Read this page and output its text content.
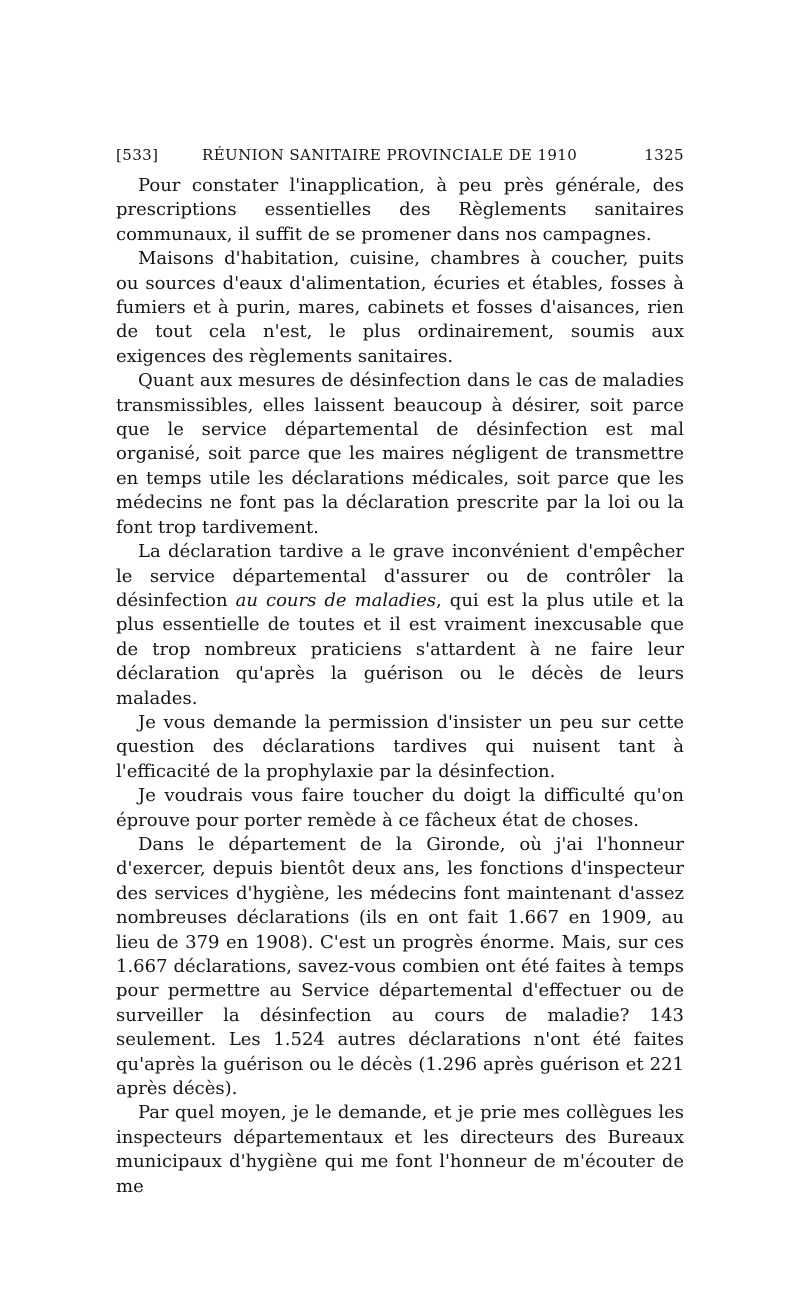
[533]	RÉUNION SANITAIRE PROVINCIALE DE 1910	1325

Pour constater l'inapplication, à peu près générale, des prescriptions essentielles des Règlements sanitaires communaux, il suffit de se promener dans nos campagnes.

Maisons d'habitation, cuisine, chambres à coucher, puits ou sources d'eaux d'alimentation, écuries et étables, fosses à fumiers et à purin, mares, cabinets et fosses d'aisances, rien de tout cela n'est, le plus ordinairement, soumis aux exigences des règlements sanitaires.

Quant aux mesures de désinfection dans le cas de maladies transmissibles, elles laissent beaucoup à désirer, soit parce que le service départemental de désinfection est mal organisé, soit parce que les maires négligent de transmettre en temps utile les déclarations médicales, soit parce que les médecins ne font pas la déclaration prescrite par la loi ou la font trop tardivement.

La déclaration tardive a le grave inconvénient d'empêcher le service départemental d'assurer ou de contrôler la désinfection au cours de maladies, qui est la plus utile et la plus essentielle de toutes et il est vraiment inexcusable que de trop nombreux praticiens s'attardent à ne faire leur déclaration qu'après la guérison ou le décès de leurs malades.

Je vous demande la permission d'insister un peu sur cette question des déclarations tardives qui nuisent tant à l'efficacité de la prophylaxie par la désinfection.

Je voudrais vous faire toucher du doigt la difficulté qu'on éprouve pour porter remède à ce fâcheux état de choses.

Dans le département de la Gironde, où j'ai l'honneur d'exercer, depuis bientôt deux ans, les fonctions d'inspecteur des services d'hygiène, les médecins font maintenant d'assez nombreuses déclarations (ils en ont fait 1.667 en 1909, au lieu de 379 en 1908). C'est un progrès énorme. Mais, sur ces 1.667 déclarations, savez-vous combien ont été faites à temps pour permettre au Service départemental d'effectuer ou de surveiller la désinfection au cours de maladie? 143 seulement. Les 1.524 autres déclarations n'ont été faites qu'après la guérison ou le décès (1.296 après guérison et 221 après décès).

Par quel moyen, je le demande, et je prie mes collègues les inspecteurs départementaux et les directeurs des Bureaux municipaux d'hygiène qui me font l'honneur de m'écouter de me
